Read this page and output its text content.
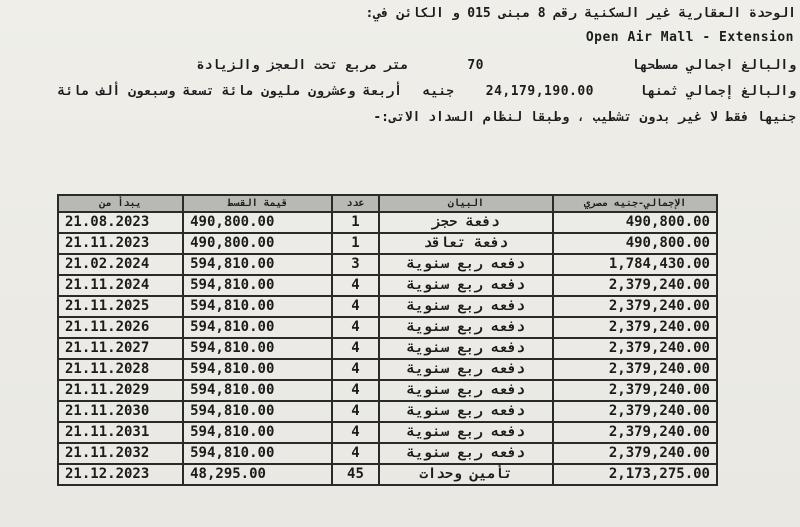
الوحدة العقارية غير السكنية رقم 8 مبنى 015 و الكائن في:
Open Air Mall - Extension
والبالغ اجمالي مسطحها
70
متر مربع تحت العجز والزيادة
والبالغ إجمالي ثمنها
24,179,190.00
جنيه
أربعة وعشرون مليون مائة تسعة وسبعون ألف مائة
جنيها فقط لا غير بدون تشطيب ، وطبقا لنظام السداد الاتى:-
الإجمالي-جنيه مصري	البيان	عدد	قيمة القسط	يبدأ من
490,800.00	دفعة حجز	1	490,800.00	21.08.2023
490,800.00	دفعة تعاقد	1	490,800.00	21.11.2023
1,784,430.00	دفعه ربع سنوية	3	594,810.00	21.02.2024
2,379,240.00	دفعه ربع سنوية	4	594,810.00	21.11.2024
2,379,240.00	دفعه ربع سنوية	4	594,810.00	21.11.2025
2,379,240.00	دفعه ربع سنوية	4	594,810.00	21.11.2026
2,379,240.00	دفعه ربع سنوية	4	594,810.00	21.11.2027
2,379,240.00	دفعه ربع سنوية	4	594,810.00	21.11.2028
2,379,240.00	دفعه ربع سنوية	4	594,810.00	21.11.2029
2,379,240.00	دفعه ربع سنوية	4	594,810.00	21.11.2030
2,379,240.00	دفعه ربع سنوية	4	594,810.00	21.11.2031
2,379,240.00	دفعه ربع سنوية	4	594,810.00	21.11.2032
2,173,275.00	تأمين وحدات	45	48,295.00	21.12.2023
